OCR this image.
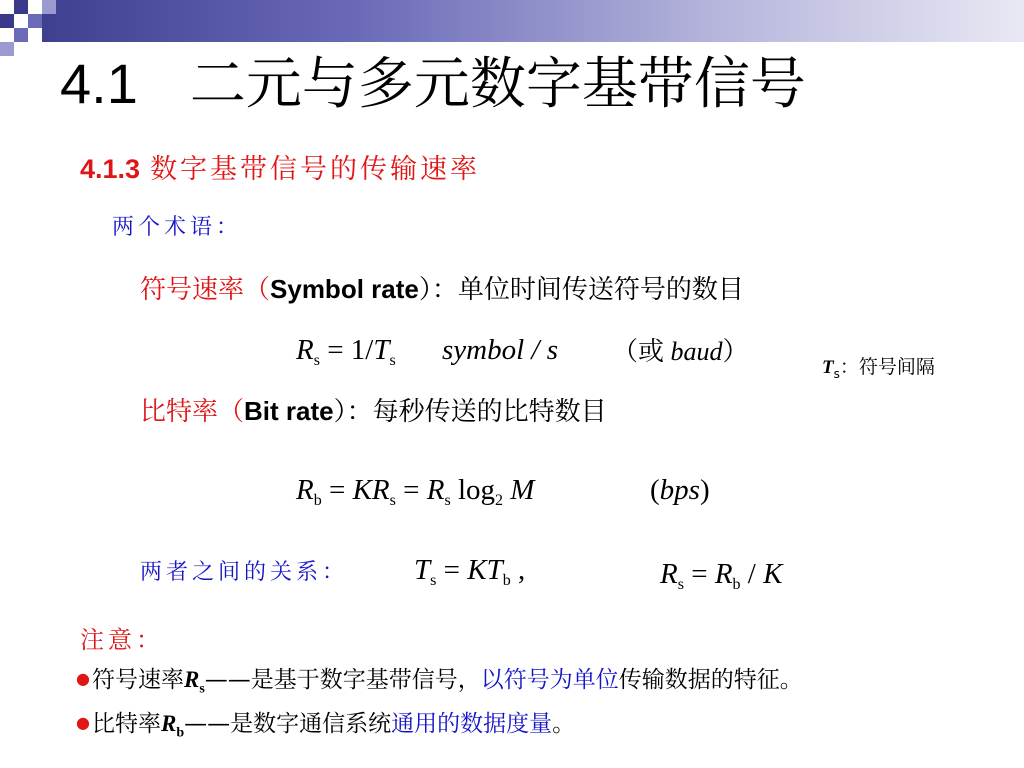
4.1 二元与多元数字基带信号
4.1.3 数字基带信号的传输速率
两个术语：
符号速率（Symbol rate）：单位时间传送符号的数目
$R_s = 1/T_s$ symbol / s （或 baud）
$T_s$：符号间隔
比特率（Bit rate）：每秒传送的比特数目
$R_b = KR_s = R_s$ $\log_2 M$	(bps)
两者之间的关系： $T_s = KT_b$ ,	$R_s = R_b / K$
注意：
●符号速率$R_s——$是基于数字基带信号，以符号为单位传输数据的特征。
●比特率$R_b——$是数字通信系统通用的数据度量。
